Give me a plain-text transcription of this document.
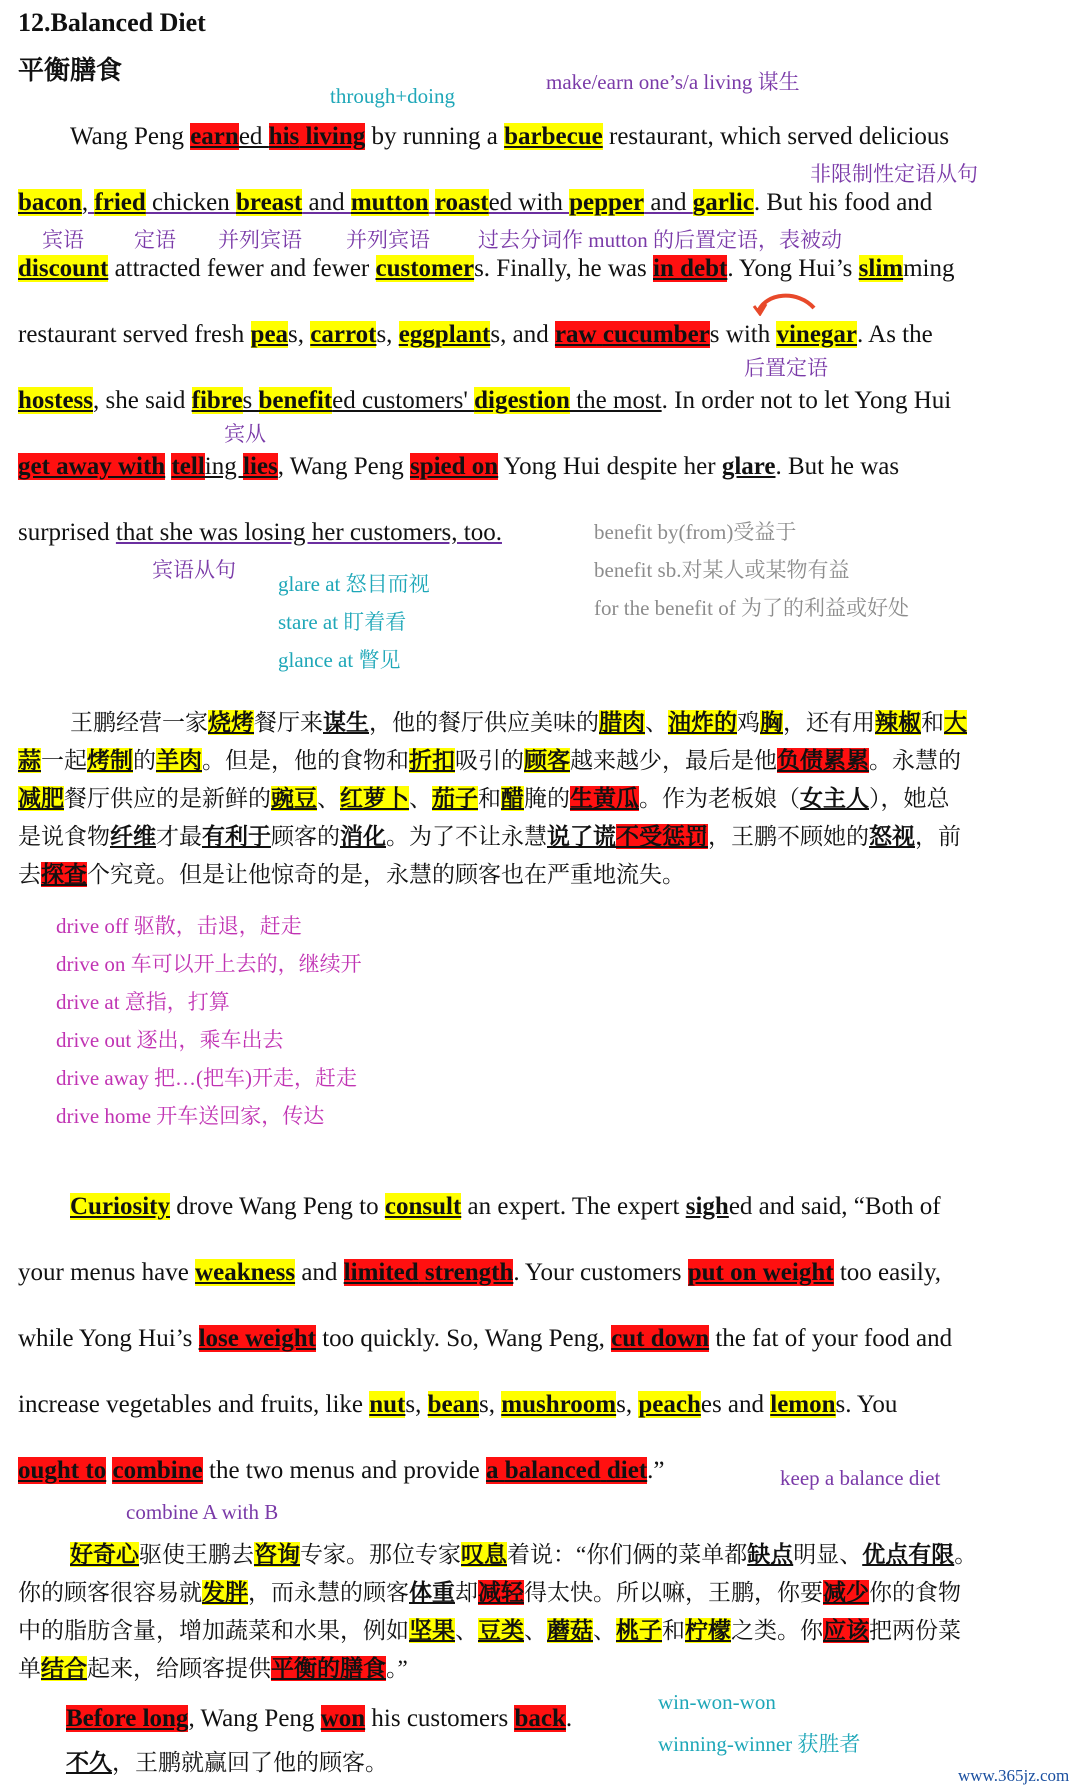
12.Balanced Diet
平衡膳食
through+doing
make/earn one’s/a living 谋生
Wang Peng earned his living by running a barbecue restaurant, which served delicious
非限制性定语从句
bacon, fried chicken breast and mutton roasted with pepper and garlic. But his food and
宾语 定语 并列宾语 并列宾语 过去分词作 mutton 的后置定语，表被动
discount attracted fewer and fewer customers. Finally, he was in debt. Yong Hui’s slimming
restaurant served fresh peas, carrots, eggplants, and raw cucumbers with vinegar. As the
后置定语
hostess, she said fibres benefited customers' digestion the most. In order not to let Yong Hui
宾从
get away with telling lies, Wang Peng spied on Yong Hui despite her glare. But he was
surprised that she was losing her customers, too.	benefit by(from)受益于
benefit sb.对某人或某物有益
for the benefit of 为了的利益或好处
宾语从句
glare at 怒目而视
stare at 盯着看
glance at 瞥见
王鹏经营一家烧烤餐厅来谋生，他的餐厅供应美味的腊肉、油炸的鸡胸，还有用辣椒和大
蒜一起烤制的羊肉。但是，他的食物和折扣吸引的顾客越来越少，最后是他负债累累。永慧的
减肥餐厅供应的是新鲜的豌豆、红萝卜、茄子和醋腌的生黄瓜。作为老板娘（女主人），她总
是说食物纤维才最有利于顾客的消化。为了不让永慧说了谎不受惩罚，王鹏不顾她的怒视，前
去探查个究竟。但是让他惊奇的是，永慧的顾客也在严重地流失。
drive off 驱散，击退，赶走
drive on 车可以开上去的，继续开
drive at 意指，打算
drive out 逐出，乘车出去
drive away 把…(把车)开走，赶走
drive home 开车送回家，传达
Curiosity drove Wang Peng to consult an expert. The expert sighed and said, “Both of
your menus have weakness and limited strength. Your customers put on weight too easily,
while Yong Hui’s lose weight too quickly. So, Wang Peng, cut down the fat of your food and
increase vegetables and fruits, like nuts, beans, mushrooms, peaches and lemons. You
ought to combine the two menus and provide a balanced diet.”	keep a balance diet
combine A with B
好奇心驱使王鹏去咨询专家。那位专家叹息着说：“你们俩的菜单都缺点明显、优点有限。
你的顾客很容易就发胖，而永慧的顾客体重却减轻得太快。所以嘛，王鹏，你要减少你的食物
中的脂肪含量，增加蔬菜和水果，例如坚果、豆类、蘑菇、桃子和柠檬之类。你应该把两份菜
单结合起来，给顾客提供平衡的膳食。”
Before long, Wang Peng won his customers back.
win-won-won
winning-winner 获胜者
不久，王鹏就赢回了他的顾客。
www.365jz.com
